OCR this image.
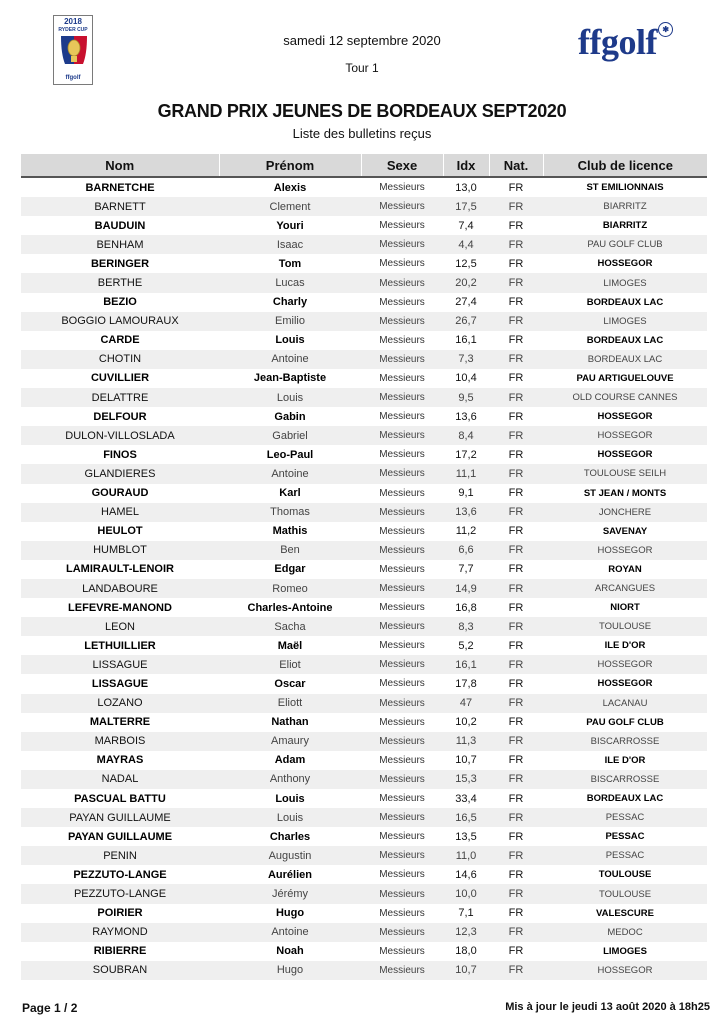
2018
RYDER CUP
ffgolf
samedi 12 septembre 2020
Tour 1
ffgolf ✱
GRAND PRIX JEUNES DE BORDEAUX SEPT2020
Liste des bulletins reçus
Nom	Prénom	Sexe	Idx	Nat.	Club de licence
BARNETCHE	Alexis	Messieurs	13,0	FR	ST EMILIONNAIS
BARNETT	Clement	Messieurs	17,5	FR	BIARRITZ
BAUDUIN	Youri	Messieurs	7,4	FR	BIARRITZ
BENHAM	Isaac	Messieurs	4,4	FR	PAU GOLF CLUB
BERINGER	Tom	Messieurs	12,5	FR	HOSSEGOR
BERTHE	Lucas	Messieurs	20,2	FR	LIMOGES
BEZIO	Charly	Messieurs	27,4	FR	BORDEAUX LAC
BOGGIO LAMOURAUX	Emilio	Messieurs	26,7	FR	LIMOGES
CARDE	Louis	Messieurs	16,1	FR	BORDEAUX LAC
CHOTIN	Antoine	Messieurs	7,3	FR	BORDEAUX LAC
CUVILLIER	Jean-Baptiste	Messieurs	10,4	FR	PAU ARTIGUELOUVE
DELATTRE	Louis	Messieurs	9,5	FR	OLD COURSE CANNES
DELFOUR	Gabin	Messieurs	13,6	FR	HOSSEGOR
DULON-VILLOSLADA	Gabriel	Messieurs	8,4	FR	HOSSEGOR
FINOS	Leo-Paul	Messieurs	17,2	FR	HOSSEGOR
GLANDIERES	Antoine	Messieurs	11,1	FR	TOULOUSE SEILH
GOURAUD	Karl	Messieurs	9,1	FR	ST JEAN / MONTS
HAMEL	Thomas	Messieurs	13,6	FR	JONCHERE
HEULOT	Mathis	Messieurs	11,2	FR	SAVENAY
HUMBLOT	Ben	Messieurs	6,6	FR	HOSSEGOR
LAMIRAULT-LENOIR	Edgar	Messieurs	7,7	FR	ROYAN
LANDABOURE	Romeo	Messieurs	14,9	FR	ARCANGUES
LEFEVRE-MANOND	Charles-Antoine	Messieurs	16,8	FR	NIORT
LEON	Sacha	Messieurs	8,3	FR	TOULOUSE
LETHUILLIER	Maël	Messieurs	5,2	FR	ILE D'OR
LISSAGUE	Eliot	Messieurs	16,1	FR	HOSSEGOR
LISSAGUE	Oscar	Messieurs	17,8	FR	HOSSEGOR
LOZANO	Eliott	Messieurs	47	FR	LACANAU
MALTERRE	Nathan	Messieurs	10,2	FR	PAU GOLF CLUB
MARBOIS	Amaury	Messieurs	11,3	FR	BISCARROSSE
MAYRAS	Adam	Messieurs	10,7	FR	ILE D'OR
NADAL	Anthony	Messieurs	15,3	FR	BISCARROSSE
PASCUAL BATTU	Louis	Messieurs	33,4	FR	BORDEAUX LAC
PAYAN GUILLAUME	Louis	Messieurs	16,5	FR	PESSAC
PAYAN GUILLAUME	Charles	Messieurs	13,5	FR	PESSAC
PENIN	Augustin	Messieurs	11,0	FR	PESSAC
PEZZUTO-LANGE	Aurélien	Messieurs	14,6	FR	TOULOUSE
PEZZUTO-LANGE	Jérémy	Messieurs	10,0	FR	TOULOUSE
POIRIER	Hugo	Messieurs	7,1	FR	VALESCURE
RAYMOND	Antoine	Messieurs	12,3	FR	MEDOC
RIBIERRE	Noah	Messieurs	18,0	FR	LIMOGES
SOUBRAN	Hugo	Messieurs	10,7	FR	HOSSEGOR
Page 1 / 2	Mis à jour le jeudi 13 août 2020 à 18h25
